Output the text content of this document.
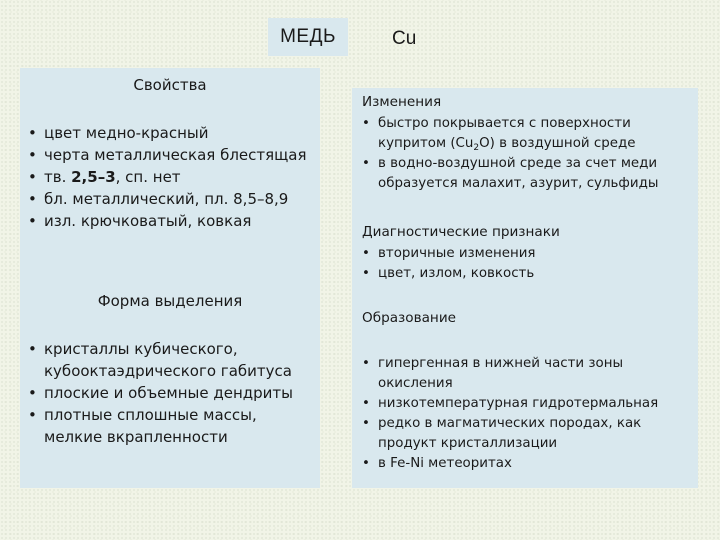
МЕДЬ	Cu
Свойства
• цвет медно-красный
• черта металлическая блестящая
• тв. 2,5–3, сп. нет
• бл. металлический, пл. 8,5–8,9
• изл. крючковатый, ковкая
Форма выделения
• кристаллы кубического, кубооктаэдрического габитуса
• плоские и объемные дендриты
• плотные сплошные массы, мелкие вкрапленности
Изменения
• быстро покрывается с поверхности купритом $(Cu_2O)$ в воздушной среде
• в водно-воздушной среде за счет меди образуется малахит, азурит, сульфиды
Диагностические признаки
• вторичные изменения
• цвет, излом, ковкость
Образование
• гипергенная в нижней части зоны окисления
• низкотемпературная гидротермальная
• редко в магматических породах, как продукт кристаллизации
• в Fe-Ni метеоритах
